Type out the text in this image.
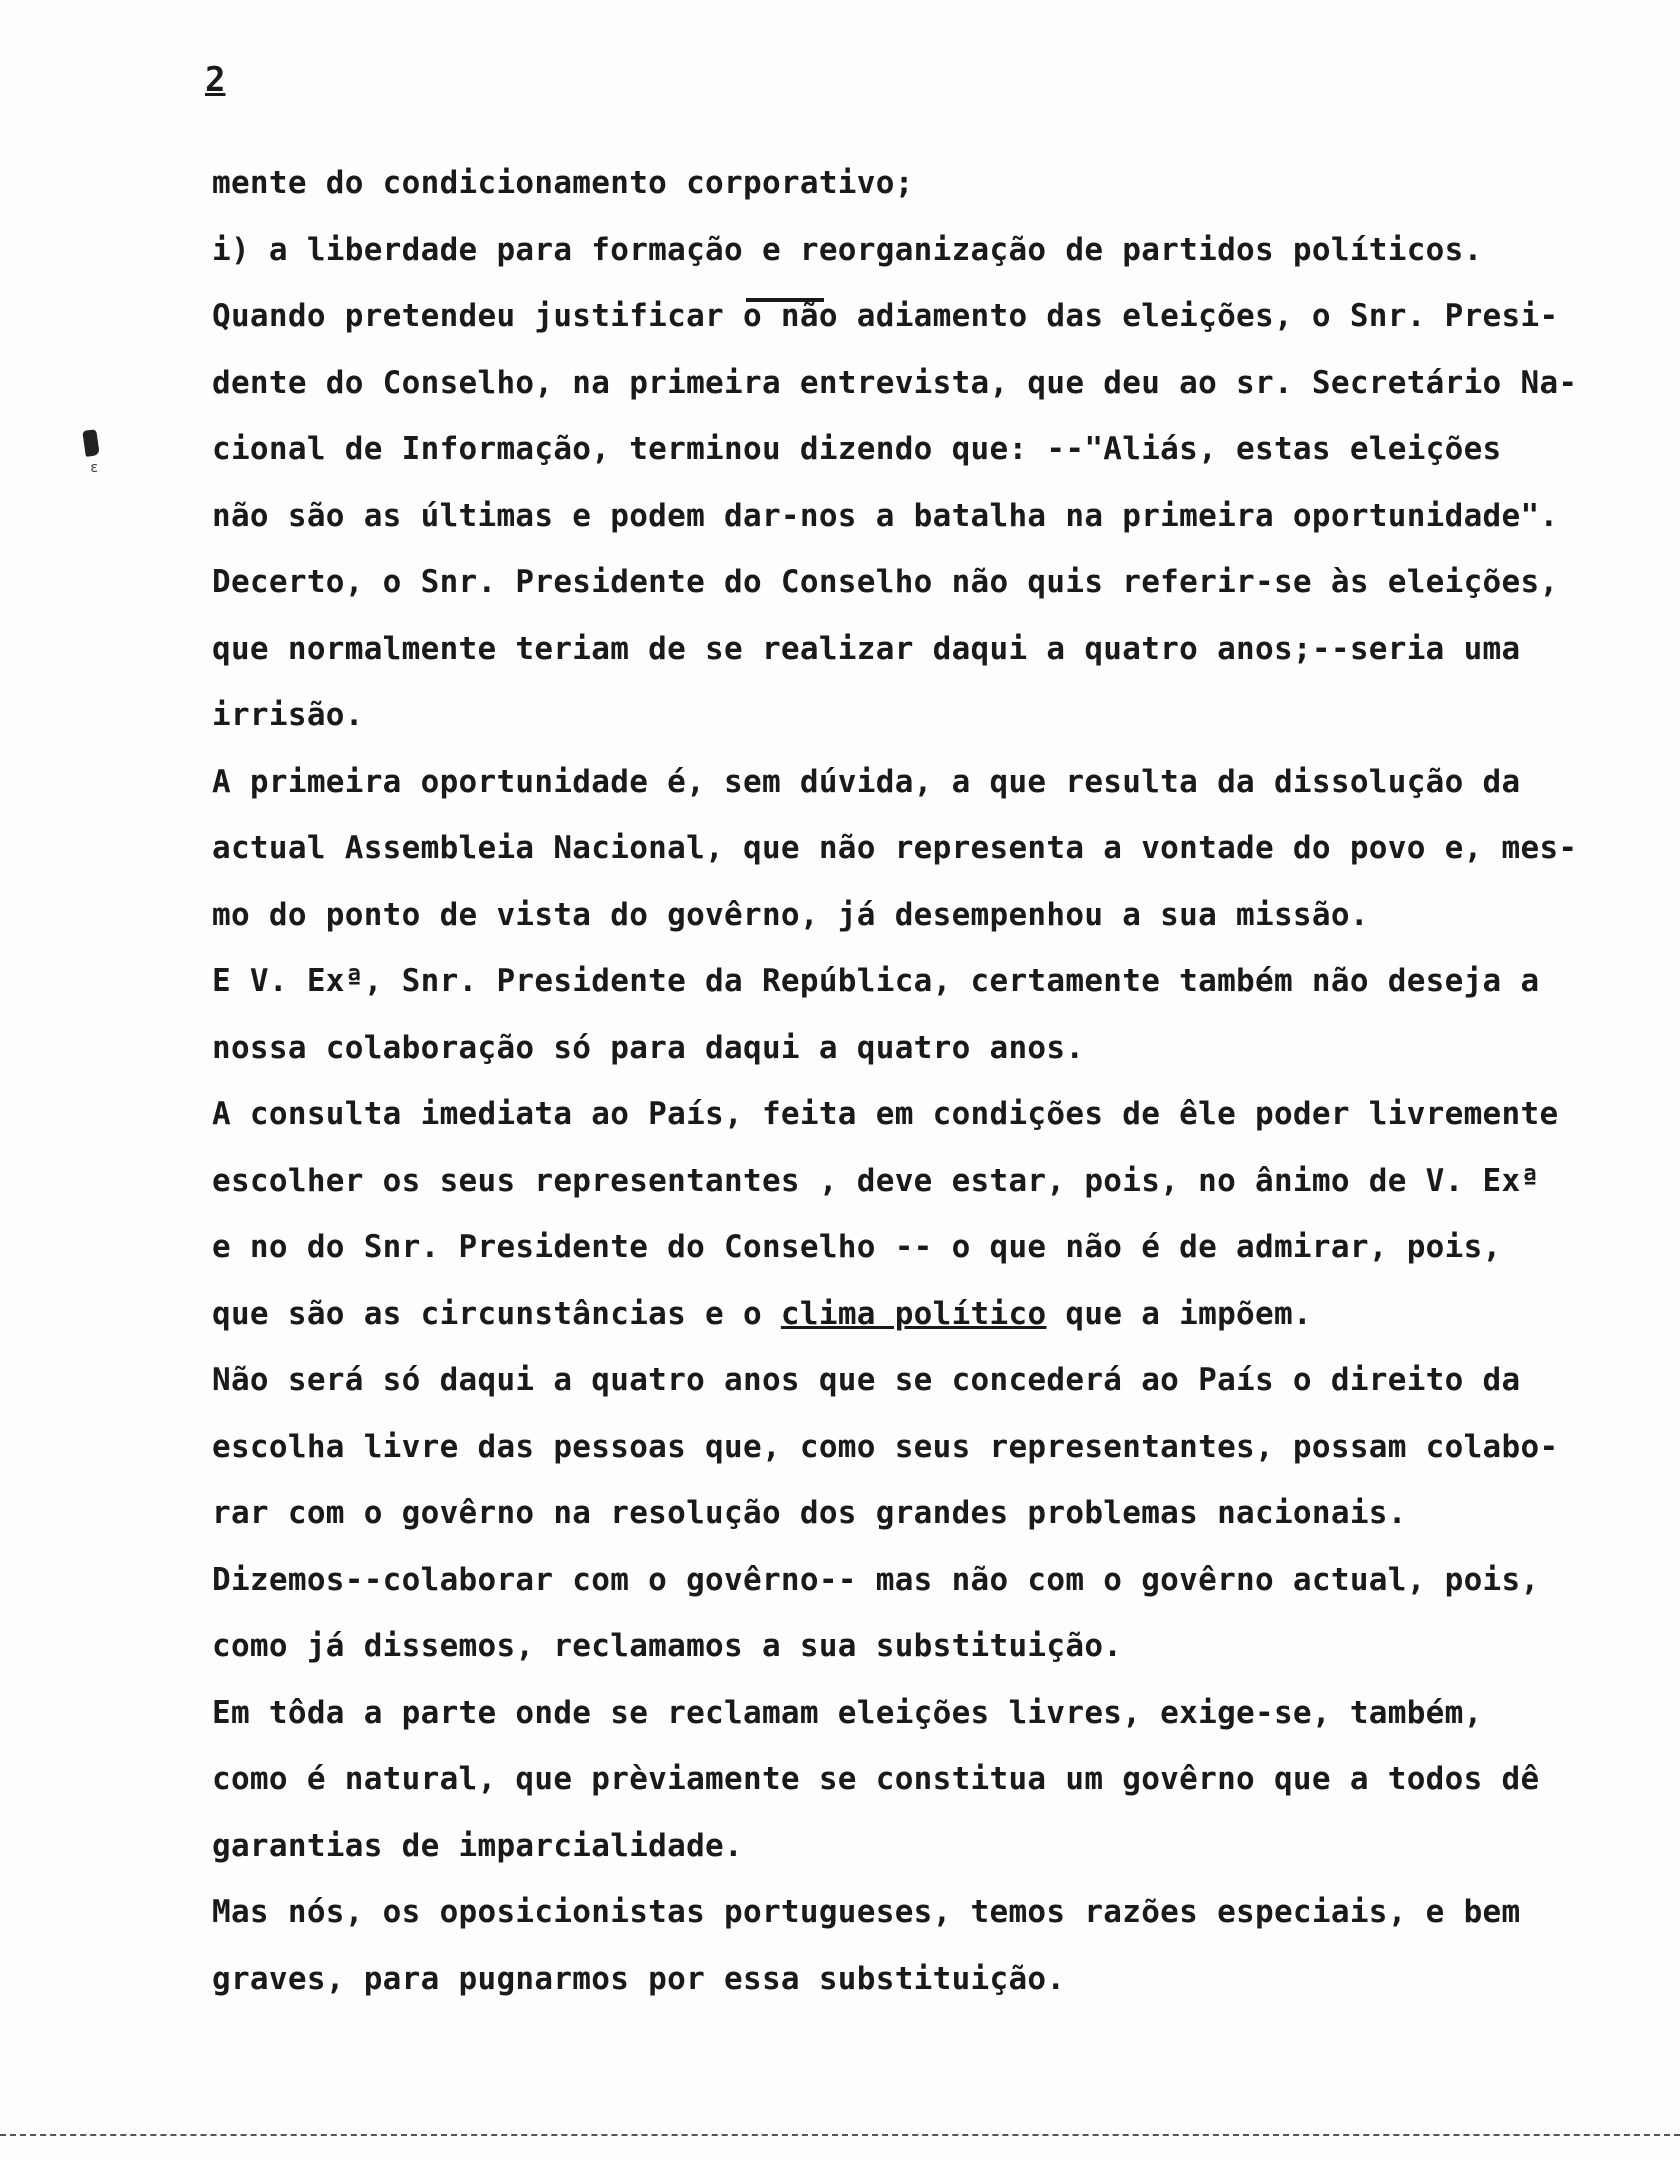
2
ε
mente do condicionamento corporativo;
i) a liberdade para formação e reorganização de partidos políticos.
Quando pretendeu justificar o não adiamento das eleições, o Snr. Presi-
dente do Conselho, na primeira entrevista, que deu ao sr. Secretário Na-
cional de Informação, terminou dizendo que: --"Aliás, estas eleições
não são as últimas e podem dar-nos a batalha na primeira oportunidade".
Decerto, o Snr. Presidente do Conselho não quis referir-se às eleições,
que normalmente teriam de se realizar daqui a quatro anos;--seria uma
irrisão.
A primeira oportunidade é, sem dúvida, a que resulta da dissolução da
actual Assembleia Nacional, que não representa a vontade do povo e, mes-
mo do ponto de vista do govêrno, já desempenhou a sua missão.
E V. Exª, Snr. Presidente da República, certamente também não deseja a
nossa colaboração só para daqui a quatro anos.
A consulta imediata ao País, feita em condições de êle poder livremente
escolher os seus representantes , deve estar, pois, no ânimo de V. Exª
e no do Snr. Presidente do Conselho -- o que não é de admirar, pois,
que são as circunstâncias e o clima político que a impõem.
Não será só daqui a quatro anos que se concederá ao País o direito da
escolha livre das pessoas que, como seus representantes, possam colabo-
rar com o govêrno na resolução dos grandes problemas nacionais.
Dizemos--colaborar com o govêrno-- mas não com o govêrno actual, pois,
como já dissemos, reclamamos a sua substituição.
Em tôda a parte onde se reclamam eleições livres, exige-se, também,
como é natural, que prèviamente se constitua um govêrno que a todos dê
garantias de imparcialidade.
Mas nós, os oposicionistas portugueses, temos razões especiais, e bem
graves, para pugnarmos por essa substituição.
